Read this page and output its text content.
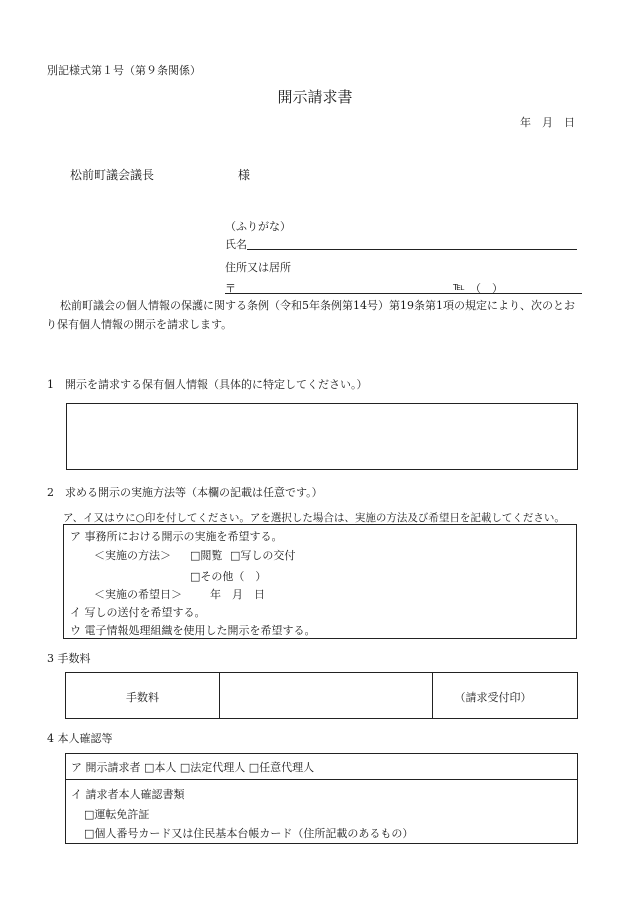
別記様式第１号（第９条関係）
開示請求書
年　月　日
松前町議会議長	様
（ふりがな）
氏名
住所又は居所
〒	℡ （　）
松前町議会の個人情報の保護に関する条例（令和5年条例第14号）第19条第1項の規定により、次のとお
り保有個人情報の開示を請求します。
1　開示を請求する保有個人情報（具体的に特定してください。）
2　求める開示の実施方法等（本欄の記載は任意です。）
ア、イ又はウに○印を付してください。アを選択した場合は、実施の方法及び希望日を記載してください。
ア 事務所における開示の実施を希望する。
＜実施の方法＞ □閲覧 □写しの交付
□その他（　）
＜実施の希望日＞	年　月　日
イ 写しの送付を希望する。
ウ 電子情報処理組織を使用した開示を希望する。
3 手数料
手数料	（請求受付印）
4 本人確認等
ア 開示請求者 □本人 □法定代理人 □任意代理人
イ 請求者本人確認書類
□運転免許証
□個人番号カード又は住民基本台帳カード（住所記載のあるもの）
